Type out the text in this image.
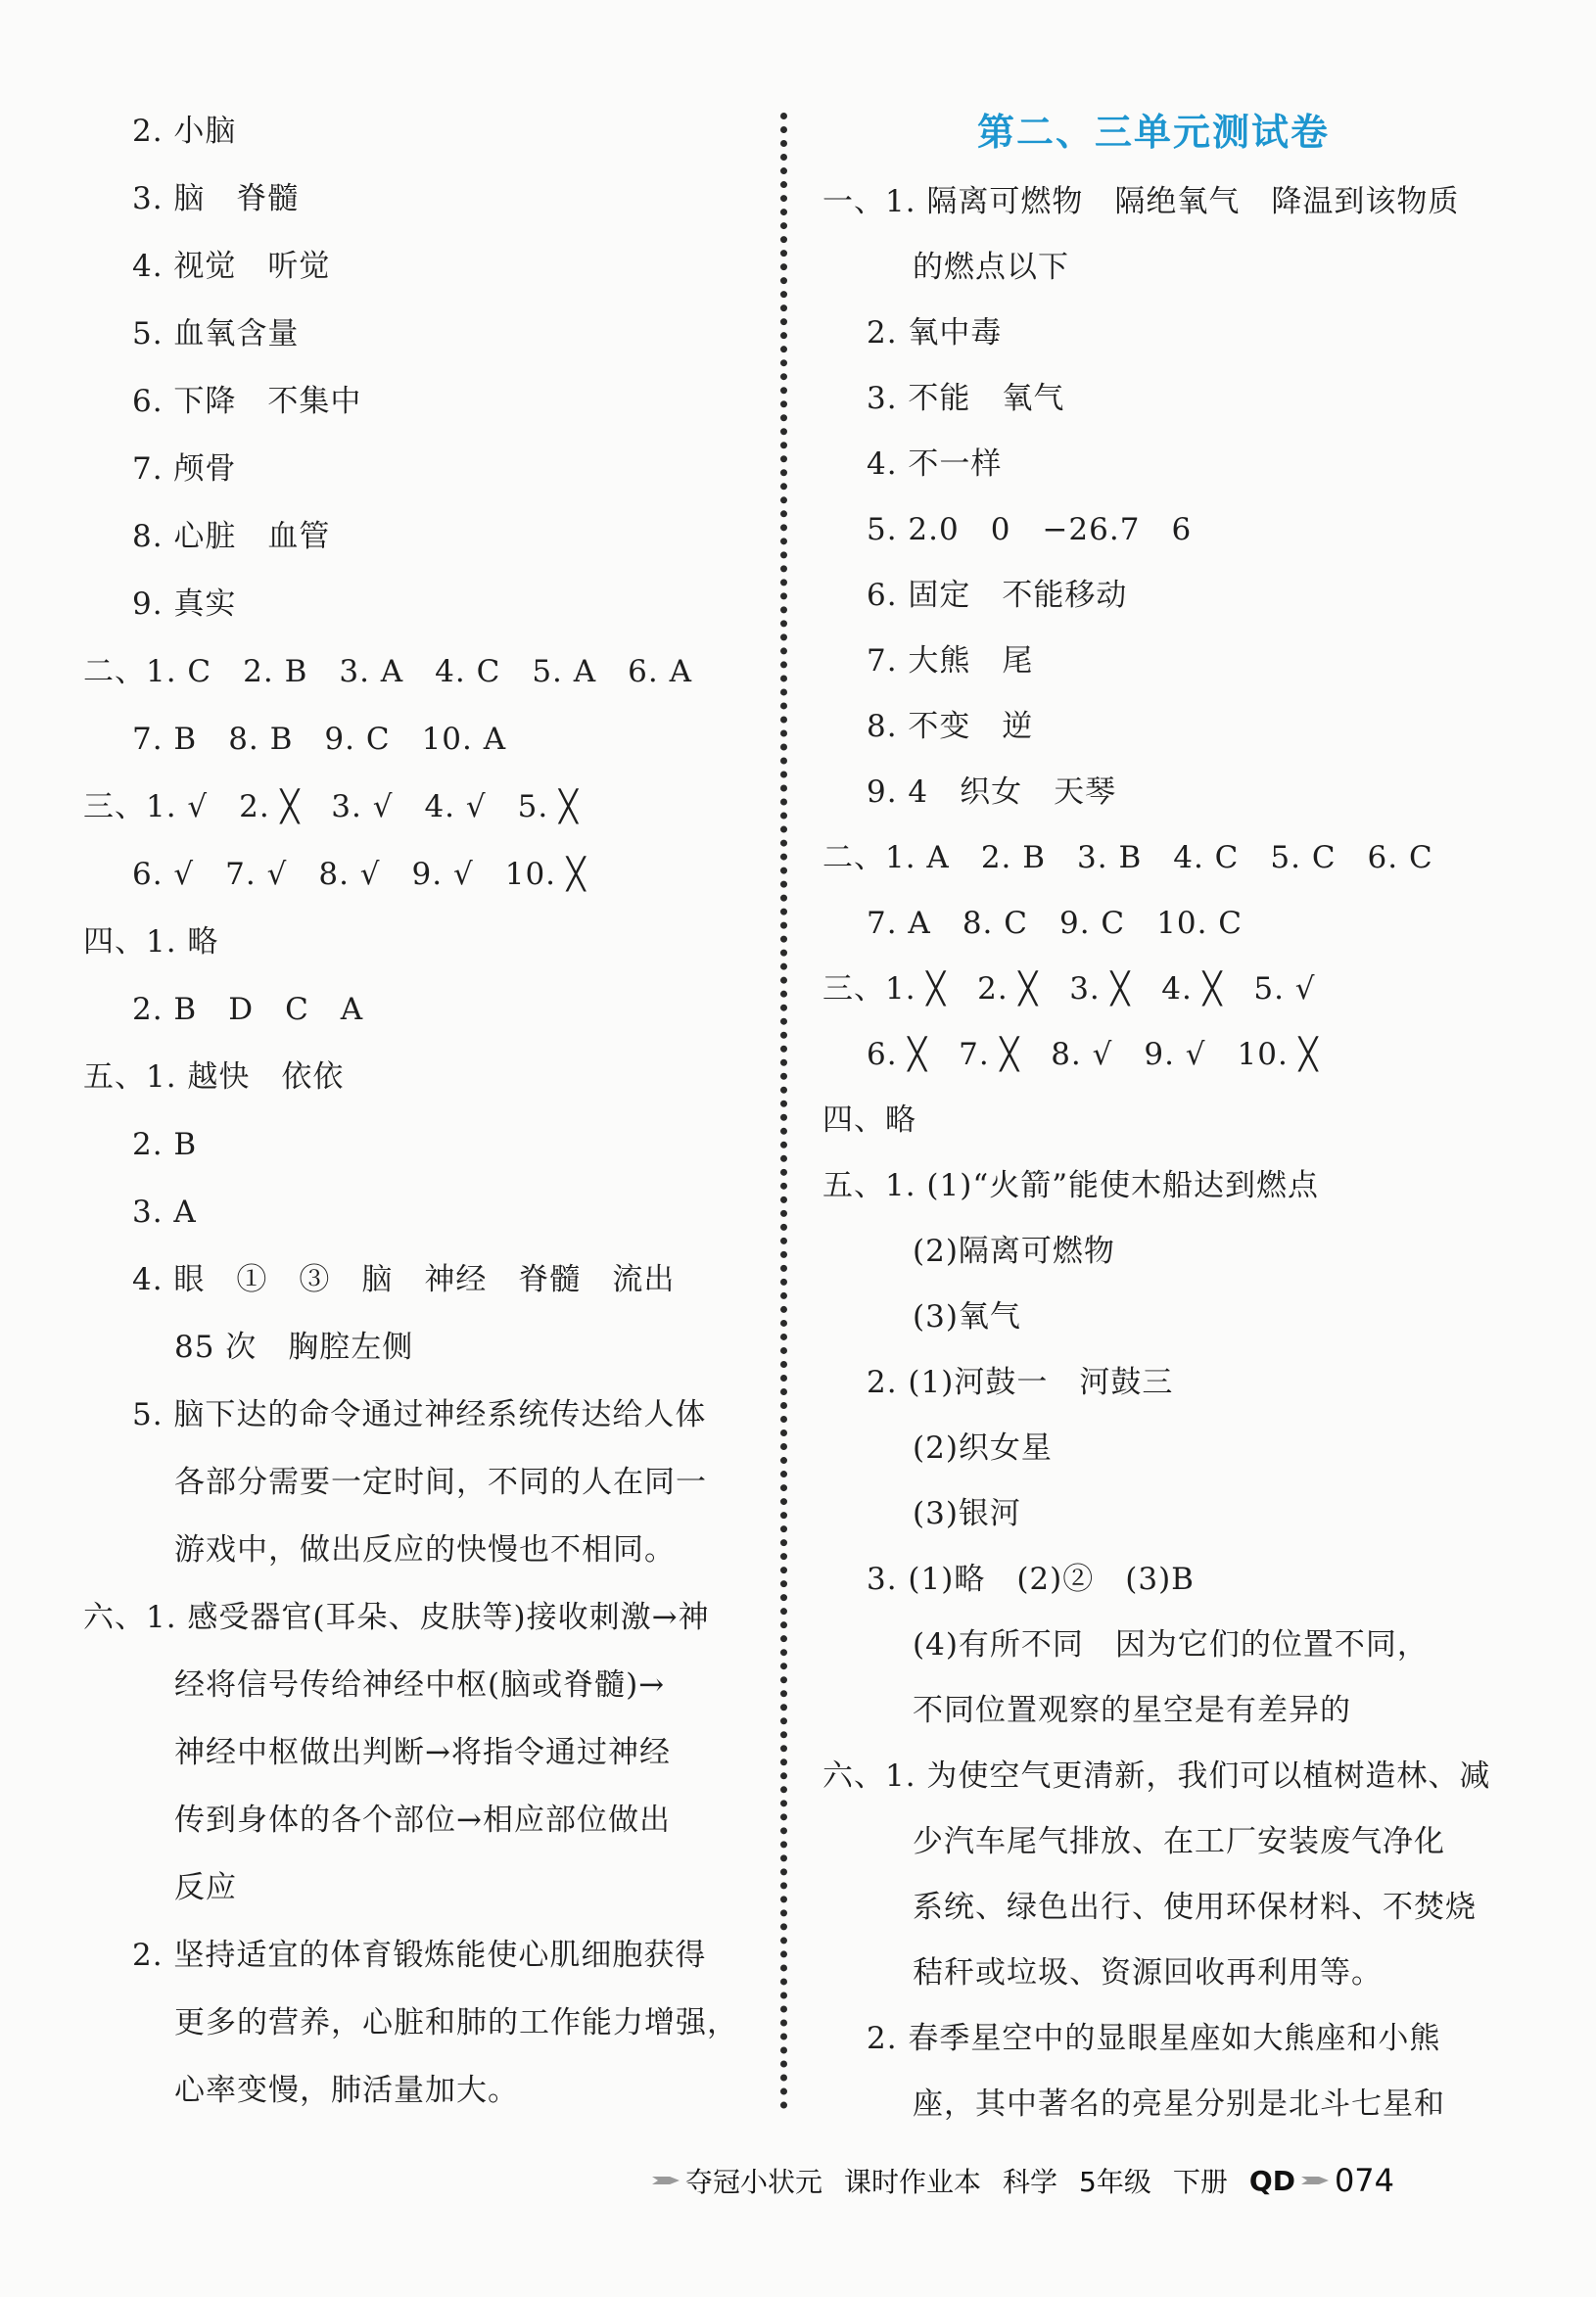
2. 小脑
3. 脑　脊髓
4. 视觉　听觉
5. 血氧含量
6. 下降　不集中
7. 颅骨
8. 心脏　血管
9. 真实
二、1. C　2. B　3. A　4. C　5. A　6. A
7. B　8. B　9. C　10. A
三、1. √　2. ╳　3. √　4. √　5. ╳
6. √　7. √　8. √　9. √　10. ╳
四、1. 略
2. B　D　C　A
五、1. 越快　依依
2. B
3. A
4. 眼　①　③　脑　神经　脊髓　流出
85 次　胸腔左侧
5. 脑下达的命令通过神经系统传达给人体
各部分需要一定时间，不同的人在同一
游戏中，做出反应的快慢也不相同。
六、1. 感受器官(耳朵、皮肤等)接收刺激→神
经将信号传给神经中枢(脑或脊髓)→
神经中枢做出判断→将指令通过神经
传到身体的各个部位→相应部位做出
反应
2. 坚持适宜的体育锻炼能使心肌细胞获得
更多的营养，心脏和肺的工作能力增强，
心率变慢，肺活量加大。
第二、三单元测试卷
一、1. 隔离可燃物　隔绝氧气　降温到该物质
的燃点以下
2. 氧中毒
3. 不能　氧气
4. 不一样
5. 2.0　0　−26.7　6
6. 固定　不能移动
7. 大熊　尾
8. 不变　逆
9. 4　织女　天琴
二、1. A　2. B　3. B　4. C　5. C　6. C
7. A　8. C　9. C　10. C
三、1. ╳　2. ╳　3. ╳　4. ╳　5. √
6. ╳　7. ╳　8. √　9. √　10. ╳
四、略
五、1. (1)“火箭”能使木船达到燃点
(2)隔离可燃物
(3)氧气
2. (1)河鼓一　河鼓三
(2)织女星
(3)银河
3. (1)略　(2)②　(3)B
(4)有所不同　因为它们的位置不同，
不同位置观察的星空是有差异的
六、1. 为使空气更清新，我们可以植树造林、减
少汽车尾气排放、在工厂安装废气净化
系统、绿色出行、使用环保材料、不焚烧
秸秆或垃圾、资源回收再利用等。
2. 春季星空中的显眼星座如大熊座和小熊
座，其中著名的亮星分别是北斗七星和
夺冠小状元 课时作业本 科学 5年级 下册 QD 074
